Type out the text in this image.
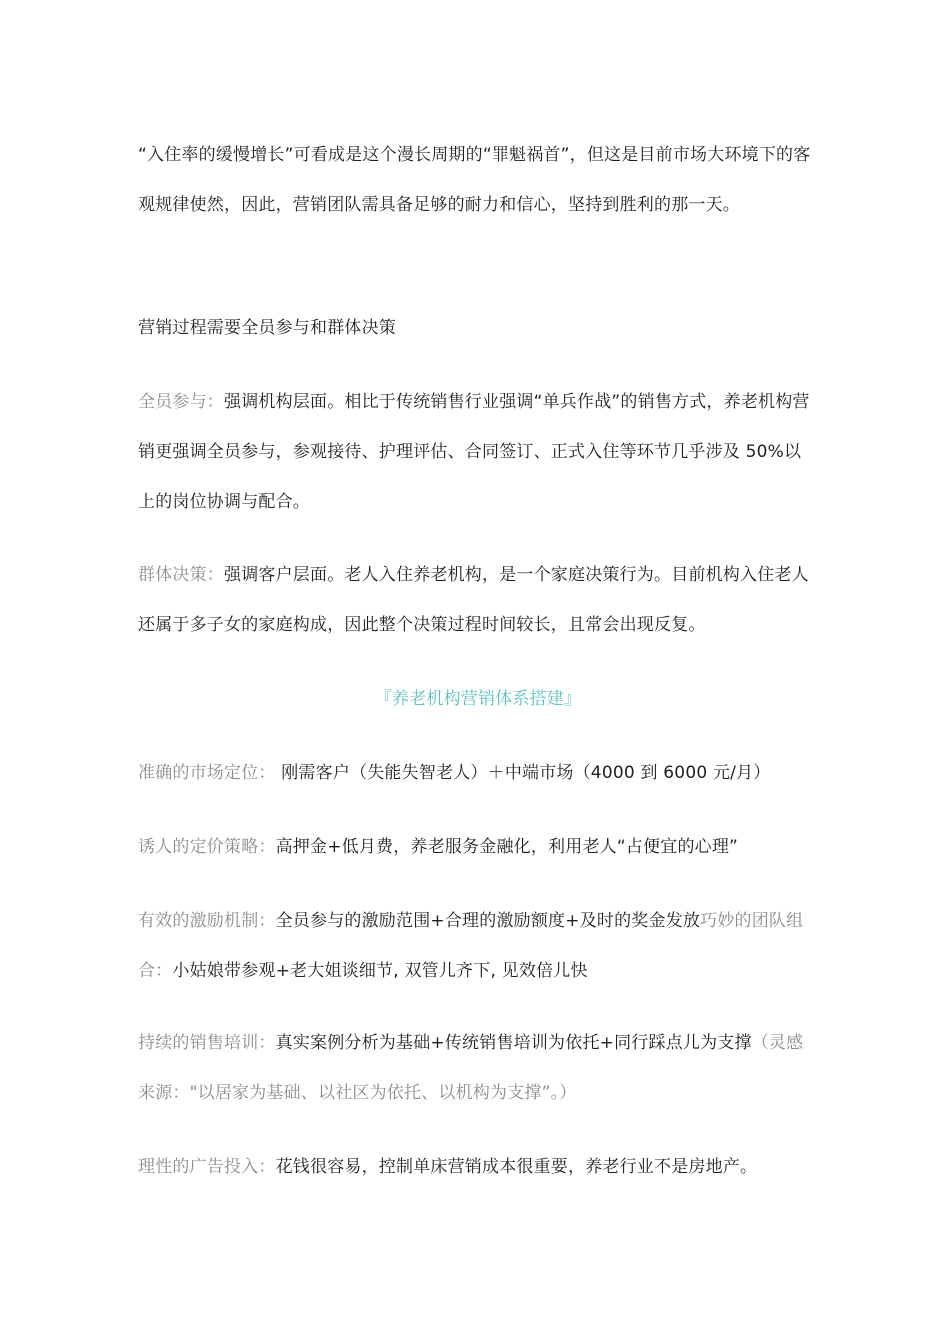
“入住率的缓慢增长”可看成是这个漫长周期的“罪魁祸首”，但这是目前市场大环境下的客观规律使然，因此，营销团队需具备足够的耐力和信心，坚持到胜利的那一天。

营销过程需要全员参与和群体决策

全员参与：强调机构层面。相比于传统销售行业强调“单兵作战”的销售方式，养老机构营销更强调全员参与，参观接待、护理评估、合同签订、正式入住等环节几乎涉及 50%以上的岗位协调与配合。

群体决策：强调客户层面。老人入住养老机构，是一个家庭决策行为。目前机构入住老人还属于多子女的家庭构成，因此整个决策过程时间较长，且常会出现反复。

『养老机构营销体系搭建』

准确的市场定位： 刚需客户（失能失智老人）＋中端市场（4000 到 6000 元/月）

诱人的定价策略：高押金+低月费，养老服务金融化，利用老人“占便宜的心理”

有效的激励机制：全员参与的激励范围+合理的激励额度+及时的奖金发放巧妙的团队组合：小姑娘带参观+老大姐谈细节, 双管儿齐下, 见效倍儿快

持续的销售培训：真实案例分析为基础+传统销售培训为依托+同行踩点儿为支撑（灵感来源："以居家为基础、以社区为依托、以机构为支撑”。）

理性的广告投入：花钱很容易，控制单床营销成本很重要，养老行业不是房地产。
